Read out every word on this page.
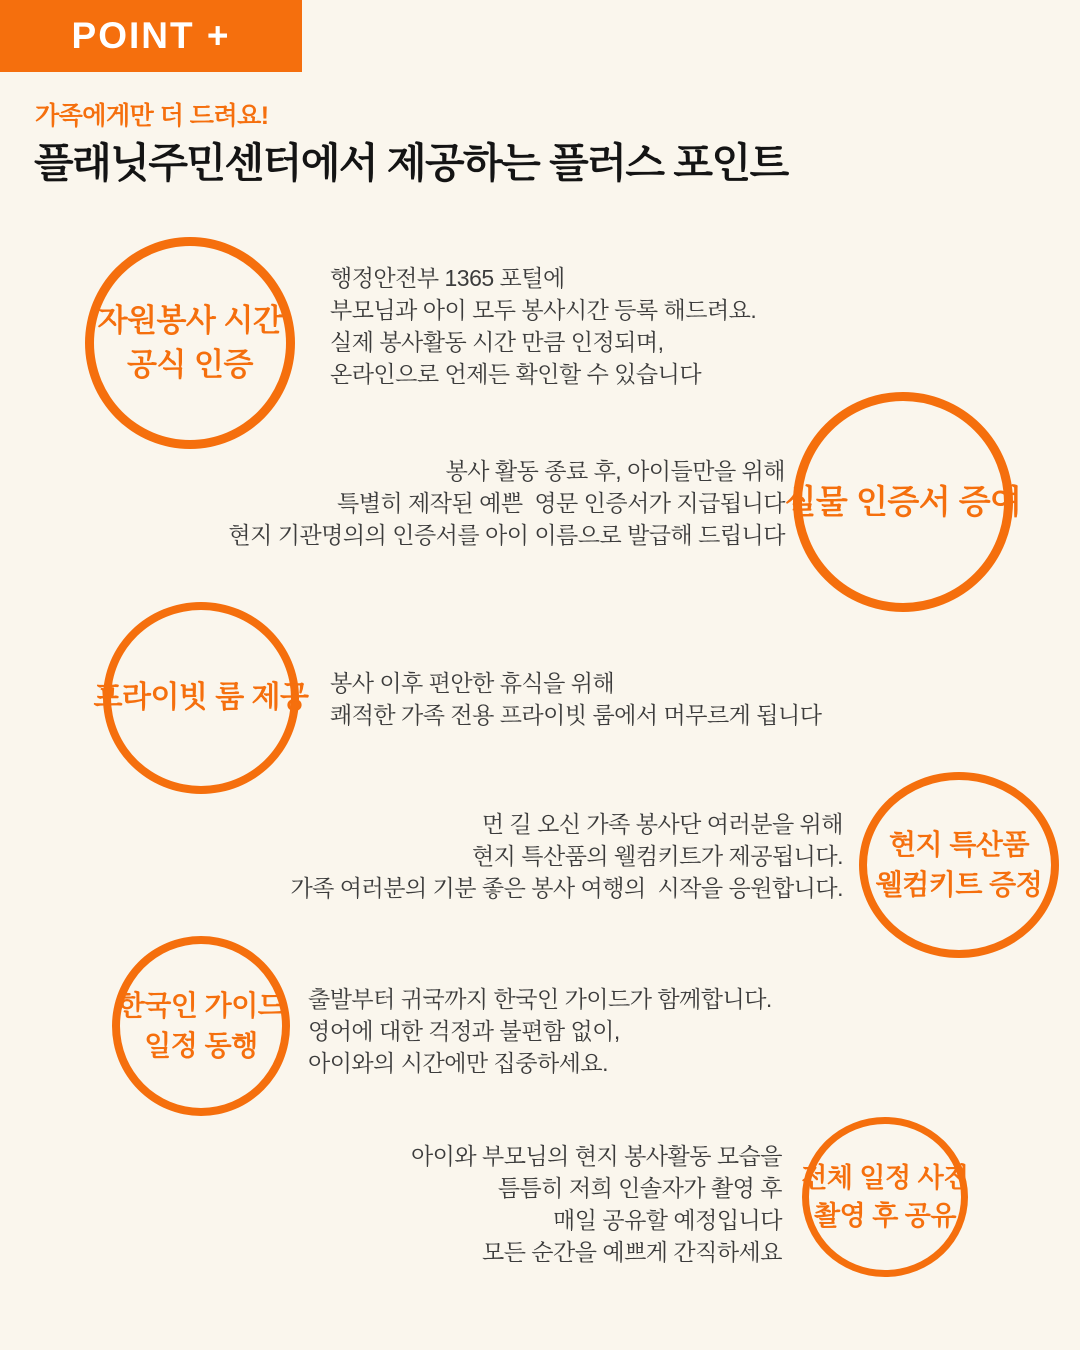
POINT +
가족에게만 더 드려요!
플래닛주민센터에서 제공하는 플러스 포인트
자원봉사 시간
공식 인증
행정안전부 1365 포털에
부모님과 아이 모두 봉사시간 등록 해드려요.
실제 봉사활동 시간 만큼 인정되며,
온라인으로 언제든 확인할 수 있습니다
봉사 활동 종료 후, 아이들만을 위해
특별히 제작된 예쁜  영문 인증서가 지급됩니다
현지 기관명의의 인증서를 아이 이름으로 발급해 드립니다
실물 인증서 증여
프라이빗 룸 제공 봉사 이후 편안한 휴식을 위해
쾌적한 가족 전용 프라이빗 룸에서 머무르게 됩니다
먼 길 오신 가족 봉사단 여러분을 위해
현지 특산품의 웰컴키트가 제공됩니다.
가족 여러분의 기분 좋은 봉사 여행의  시작을 응원합니다.
현지 특산품
웰컴키트 증정
한국인 가이드
일정 동행
출발부터 귀국까지 한국인 가이드가 함께합니다.
영어에 대한 걱정과 불편함 없이,
아이와의 시간에만 집중하세요.
아이와 부모님의 현지 봉사활동 모습을
틈틈히 저희 인솔자가 촬영 후
매일 공유할 예정입니다
모든 순간을 예쁘게 간직하세요
전체 일정 사진
촬영 후 공유
